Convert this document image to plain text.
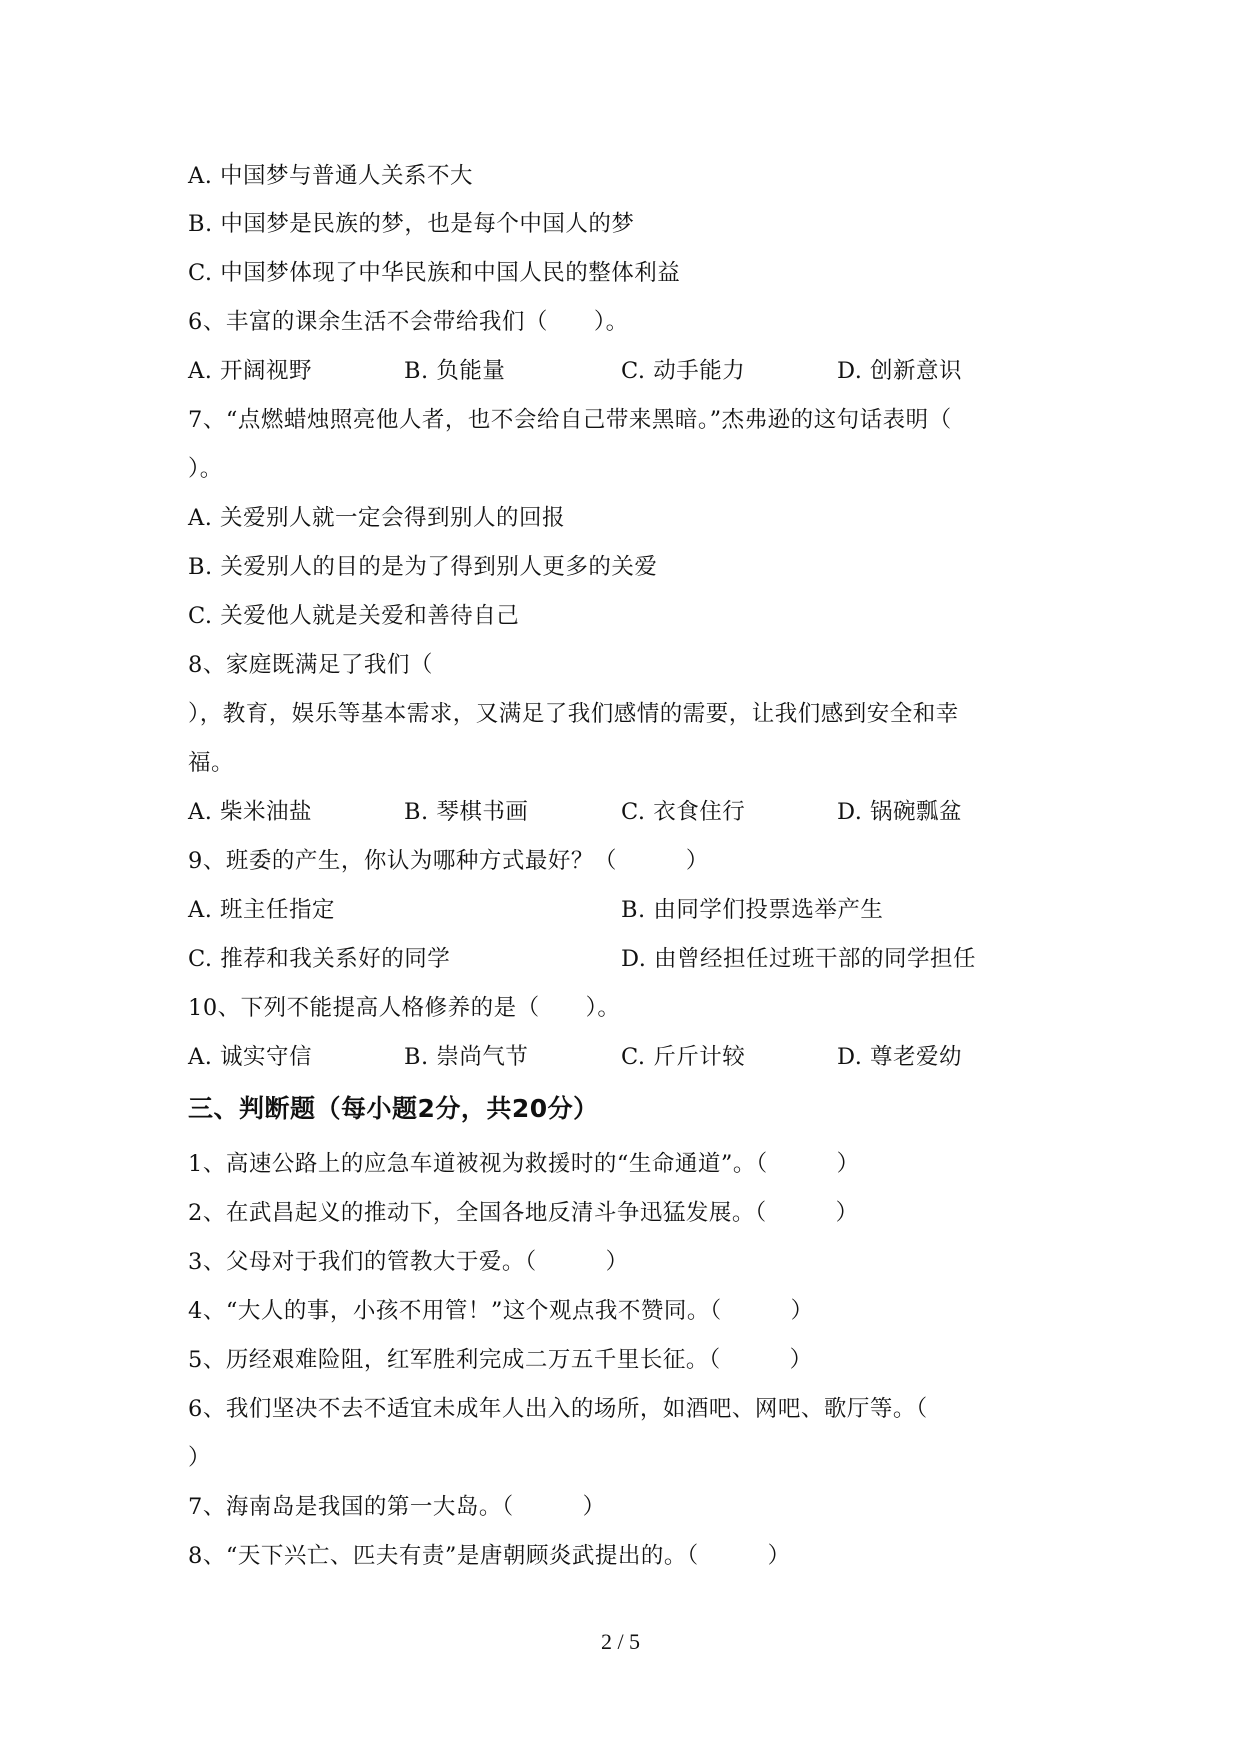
A. 中国梦与普通人关系不大
B. 中国梦是民族的梦，也是每个中国人的梦
C. 中国梦体现了中华民族和中国人民的整体利益
6、丰富的课余生活不会带给我们（　　）。
A. 开阔视野	B. 负能量	C. 动手能力	D. 创新意识
7、“点燃蜡烛照亮他人者，也不会给自己带来黑暗。”杰弗逊的这句话表明（
）。
A. 关爱别人就一定会得到别人的回报
B. 关爱别人的目的是为了得到别人更多的关爱
C. 关爱他人就是关爱和善待自己
8、家庭既满足了我们（
），教育，娱乐等基本需求，又满足了我们感情的需要，让我们感到安全和幸
福。
A. 柴米油盐	B. 琴棋书画	C. 衣食住行	D. 锅碗瓢盆
9、班委的产生，你认为哪种方式最好？（　　　）
A. 班主任指定	B. 由同学们投票选举产生
C. 推荐和我关系好的同学	D. 由曾经担任过班干部的同学担任
10、下列不能提高人格修养的是（　　）。
A. 诚实守信	B. 崇尚气节	C. 斤斤计较	D. 尊老爱幼
三、判断题（每小题2分，共20分）
1、高速公路上的应急车道被视为救援时的“生命通道”。（　　　）
2、在武昌起义的推动下，全国各地反清斗争迅猛发展。（　　　）
3、父母对于我们的管教大于爱。（　　　）
4、“大人的事，小孩不用管！”这个观点我不赞同。（　　　）
5、历经艰难险阻，红军胜利完成二万五千里长征。（　　　）
6、我们坚决不去不适宜未成年人出入的场所，如酒吧、网吧、歌厅等。（
）
7、海南岛是我国的第一大岛。（　　　）
8、“天下兴亡、匹夫有责”是唐朝顾炎武提出的。（　　　）
2 / 5
